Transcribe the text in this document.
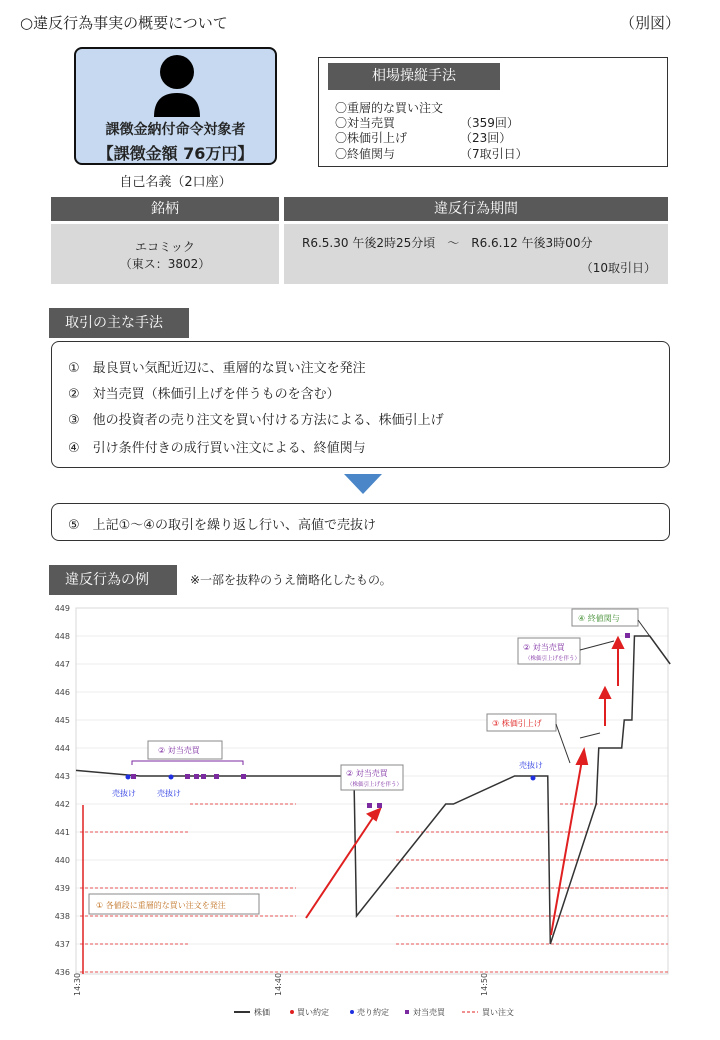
○違反行為事実の概要について	（別図）
課徴金納付命令対象者
【課徴金額 76万円】
自己名義（2口座）
相場操縦手法
〇重層的な買い注文
〇対当売買	（359回）
〇株価引上げ	（23回）
〇終値関与	（7取引日）
銘柄	違反行為期間
エコミック
（東ス：3802）
R6.5.30 午後2時25分頃　～　R6.6.12 午後3時00分
（10取引日）
取引の主な手法
①　最良買い気配近辺に、重層的な買い注文を発注
②　対当売買（株価引上げを伴うものを含む）
③　他の投資者の売り注文を買い付ける方法による、株価引上げ
④　引け条件付きの成行買い注文による、終値関与
⑤　上記①～④の取引を繰り返し行い、高値で売抜け
違反行為の例	※一部を抜粋のうえ簡略化したもの。
449
448
447
446
445
444
443
442
441
440
439
438
437
436
14:30	14:40	14:50
② 対当売買
売抜け	売抜け
売抜け
② 対当売買
（株価引上げを伴う）
② 対当売買
（株価引上げを伴う）
③ 株価引上げ
④ 終値関与
① 各値段に重層的な買い注文を発注
株価	買い約定	売り約定	対当売買	買い注文
